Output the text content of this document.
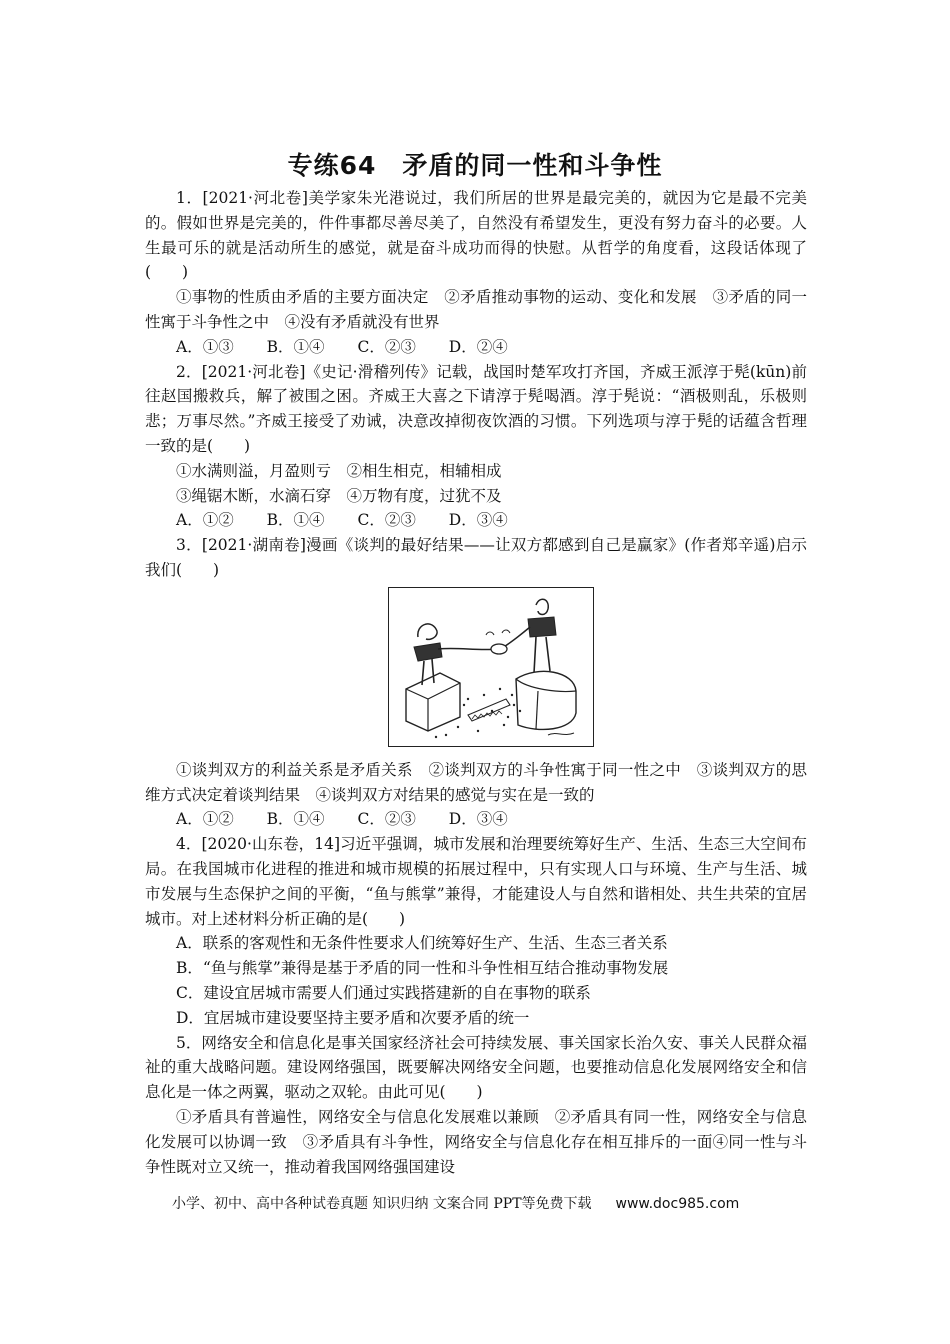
专练64　矛盾的同一性和斗争性

1．[2021·河北卷]美学家朱光港说过，我们所居的世界是最完美的，就因为它是最不完美的。假如世界是完美的，件件事都尽善尽美了，自然没有希望发生，更没有努力奋斗的必要。人生最可乐的就是活动所生的感觉，就是奋斗成功而得的快慰。从哲学的角度看，这段话体现了(　　)

①事物的性质由矛盾的主要方面决定　②矛盾推动事物的运动、变化和发展　③矛盾的同一性寓于斗争性之中　④没有矛盾就没有世界

A．①③ B．①④ C．②③ D．②④

2．[2021·河北卷]《史记·滑稽列传》记载，战国时楚军攻打齐国，齐威王派淳于髡(kūn)前往赵国搬救兵，解了被围之困。齐威王大喜之下请淳于髡喝酒。淳于髡说：“酒极则乱，乐极则悲；万事尽然。”齐威王接受了劝诫，决意改掉彻夜饮酒的习惯。下列选项与淳于髡的话蕴含哲理一致的是(　　)

①水满则溢，月盈则亏　②相生相克，相辅相成

③绳锯木断，水滴石穿　④万物有度，过犹不及

A．①② B．①④ C．②③ D．③④

3．[2021·湖南卷]漫画《谈判的最好结果——让双方都感到自己是赢家》(作者郑辛遥)启示我们(　　)

①谈判双方的利益关系是矛盾关系　②谈判双方的斗争性寓于同一性之中　③谈判双方的思维方式决定着谈判结果　④谈判双方对结果的感觉与实在是一致的

A．①② B．①④ C．②③ D．③④

4．[2020·山东卷，14]习近平强调，城市发展和治理要统筹好生产、生活、生态三大空间布局。在我国城市化进程的推进和城市规模的拓展过程中，只有实现人口与环境、生产与生活、城市发展与生态保护之间的平衡，“鱼与熊掌”兼得，才能建设人与自然和谐相处、共生共荣的宜居城市。对上述材料分析正确的是(　　)

A．联系的客观性和无条件性要求人们统筹好生产、生活、生态三者关系

B．“鱼与熊掌”兼得是基于矛盾的同一性和斗争性相互结合推动事物发展

C．建设宜居城市需要人们通过实践搭建新的自在事物的联系

D．宜居城市建设要坚持主要矛盾和次要矛盾的统一

5．网络安全和信息化是事关国家经济社会可持续发展、事关国家长治久安、事关人民群众福祉的重大战略问题。建设网络强国，既要解决网络安全问题，也要推动信息化发展网络安全和信息化是一体之两翼，驱动之双轮。由此可见(　　)

①矛盾具有普遍性，网络安全与信息化发展难以兼顾　②矛盾具有同一性，网络安全与信息化发展可以协调一致　③矛盾具有斗争性，网络安全与信息化存在相互排斥的一面④同一性与斗争性既对立又统一，推动着我国网络强国建设

小学、初中、高中各种试卷真题 知识归纳 文案合同 PPT等免费下载 www.doc985.com
